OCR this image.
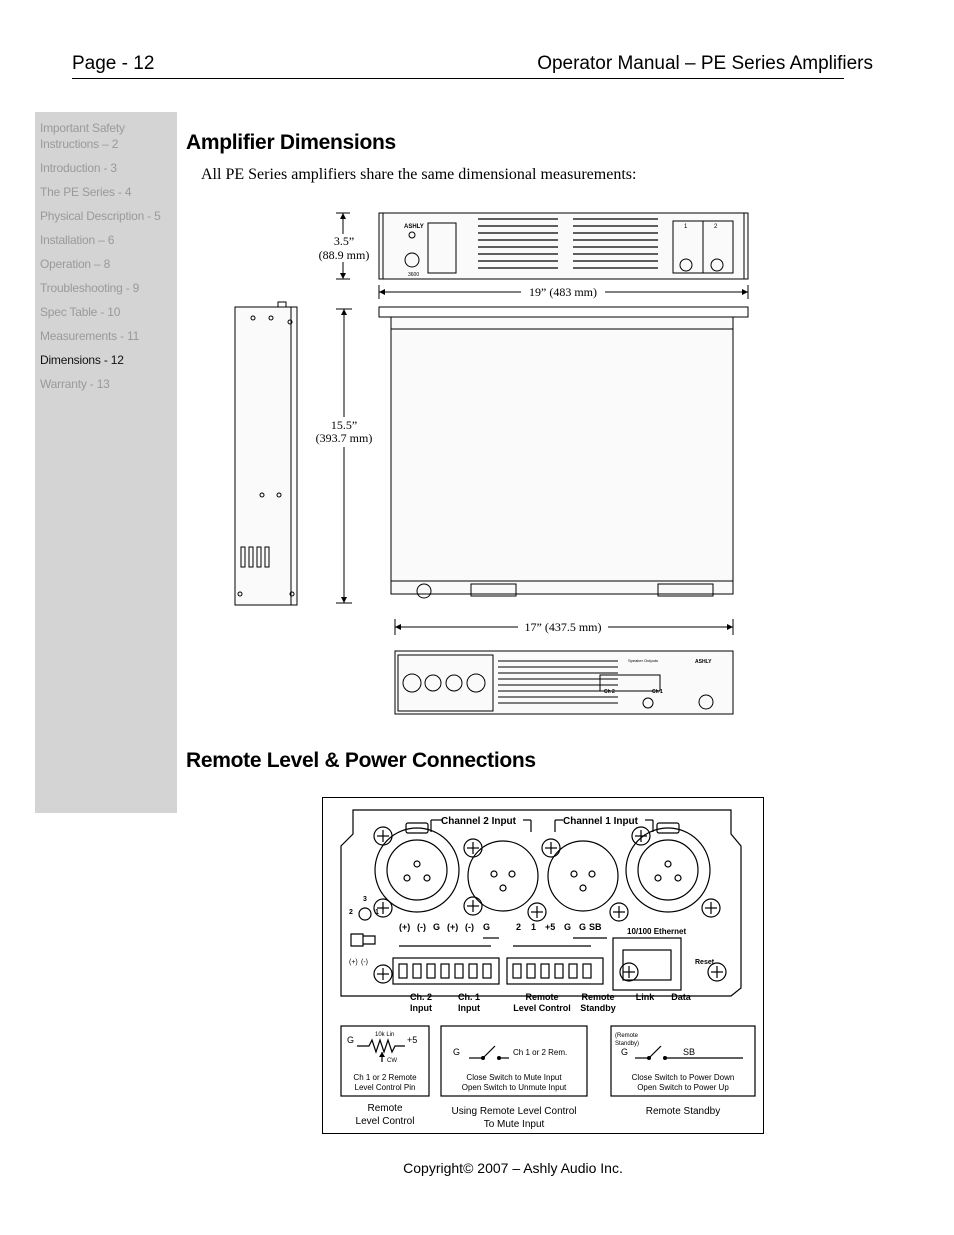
Page - 12	Operator Manual – PE Series Amplifiers
Important Safety Instructions – 2
Introduction - 3
The PE Series - 4
Physical Description - 5
Installation – 6
Operation – 8
Troubleshooting - 9
Spec Table - 10
Measurements - 11
Dimensions - 12
Warranty - 13
Amplifier Dimensions
All PE Series amplifiers share the same dimensional measurements:
ASHLY
3600
1	2
3.5”
(88.9 mm)
19” (483 mm)
15.5”
(393.7 mm)
17” (437.5 mm)
Ch 2	Ch 1
Speaker Outputs	ASHLY
Remote Level & Power Connections
Channel 2 Input	Channel 1 Input
3
2	1
(+) (-)
(+) (-) G (+) (-) G	2 1 +5 G G SB	10/100 Ethernet
Reset
Ch. 2
Input
Ch. 1
Input
Remote
Level Control
Remote
Standby
Link Data
G	10k Lin +5
CW
Ch 1 or 2 Remote
Level Control Pin
Remote
Level Control
G	Ch 1 or 2 Rem.
Close Switch to Mute Input
Open Switch to Unmute Input
Using Remote Level Control
To Mute Input
(Remote
Standby)
G	SB
Close Switch to Power Down
Open Switch to Power Up
Remote Standby
Copyright© 2007 – Ashly Audio Inc.
